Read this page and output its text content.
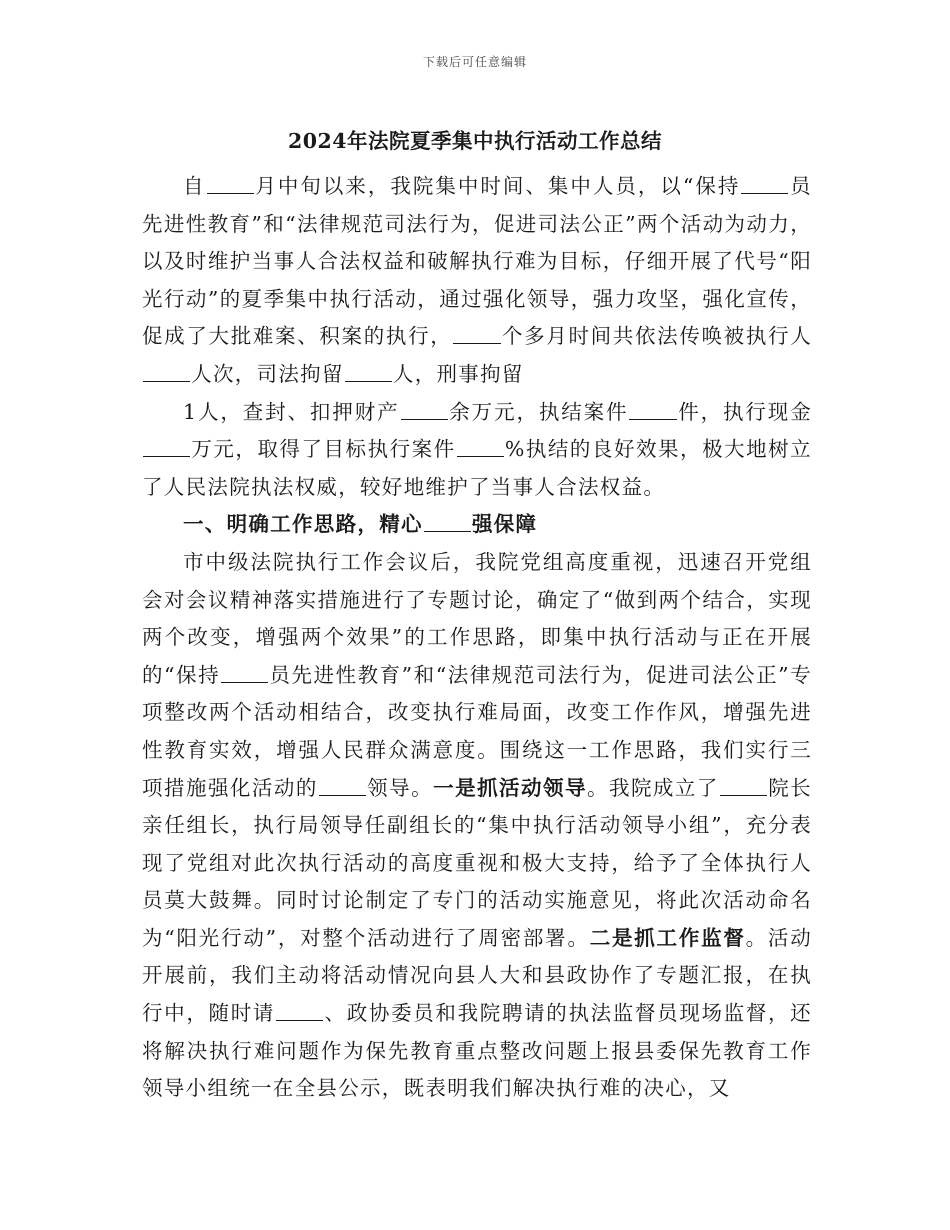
下载后可任意编辑
2024年法院夏季集中执行活动工作总结

自 月中旬以来，我院集中时间、集中人员，以“保持 员先进性教育”和“法律规范司法行为，促进司法公正”两个活动为动力，以及时维护当事人合法权益和破解执行难为目标，仔细开展了代号“阳光行动”的夏季集中执行活动，通过强化领导，强力攻坚，强化宣传，促成了大批难案、积案的执行， 个多月时间共依法传唤被执行人人次，司法拘留 人，刑事拘留

1人，查封、扣押财产 余万元，执结案件 件，执行现金万元，取得了目标执行案件 %执结的良好效果，极大地树立了人民法院执法权威，较好地维护了当事人合法权益。

一、明确工作思路，精心 强保障

市中级法院执行工作会议后，我院党组高度重视，迅速召开党组会对会议精神落实措施进行了专题讨论，确定了“做到两个结合，实现两个改变，增强两个效果”的工作思路，即集中执行活动与正在开展的“保持 员先进性教育”和“法律规范司法行为，促进司法公正”专项整改两个活动相结合，改变执行难局面，改变工作作风，增强先进性教育实效，增强人民群众满意度。围绕这一工作思路，我们实行三项措施强化活动的 领导。一是抓活动领导。我院成立了 院长亲任组长，执行局领导任副组长的“集中执行活动领导小组”，充分表现了党组对此次执行活动的高度重视和极大支持，给予了全体执行人员莫大鼓舞。同时讨论制定了专门的活动实施意见，将此次活动命名为“阳光行动”，对整个活动进行了周密部署。二是抓工作监督。活动开展前，我们主动将活动情况向县人大和县政协作了专题汇报，在执行中，随时请 、政协委员和我院聘请的执法监督员现场监督，还将解决执行难问题作为保先教育重点整改问题上报县委保先教育工作领导小组统一在全县公示，既表明我们解决执行难的决心，又
